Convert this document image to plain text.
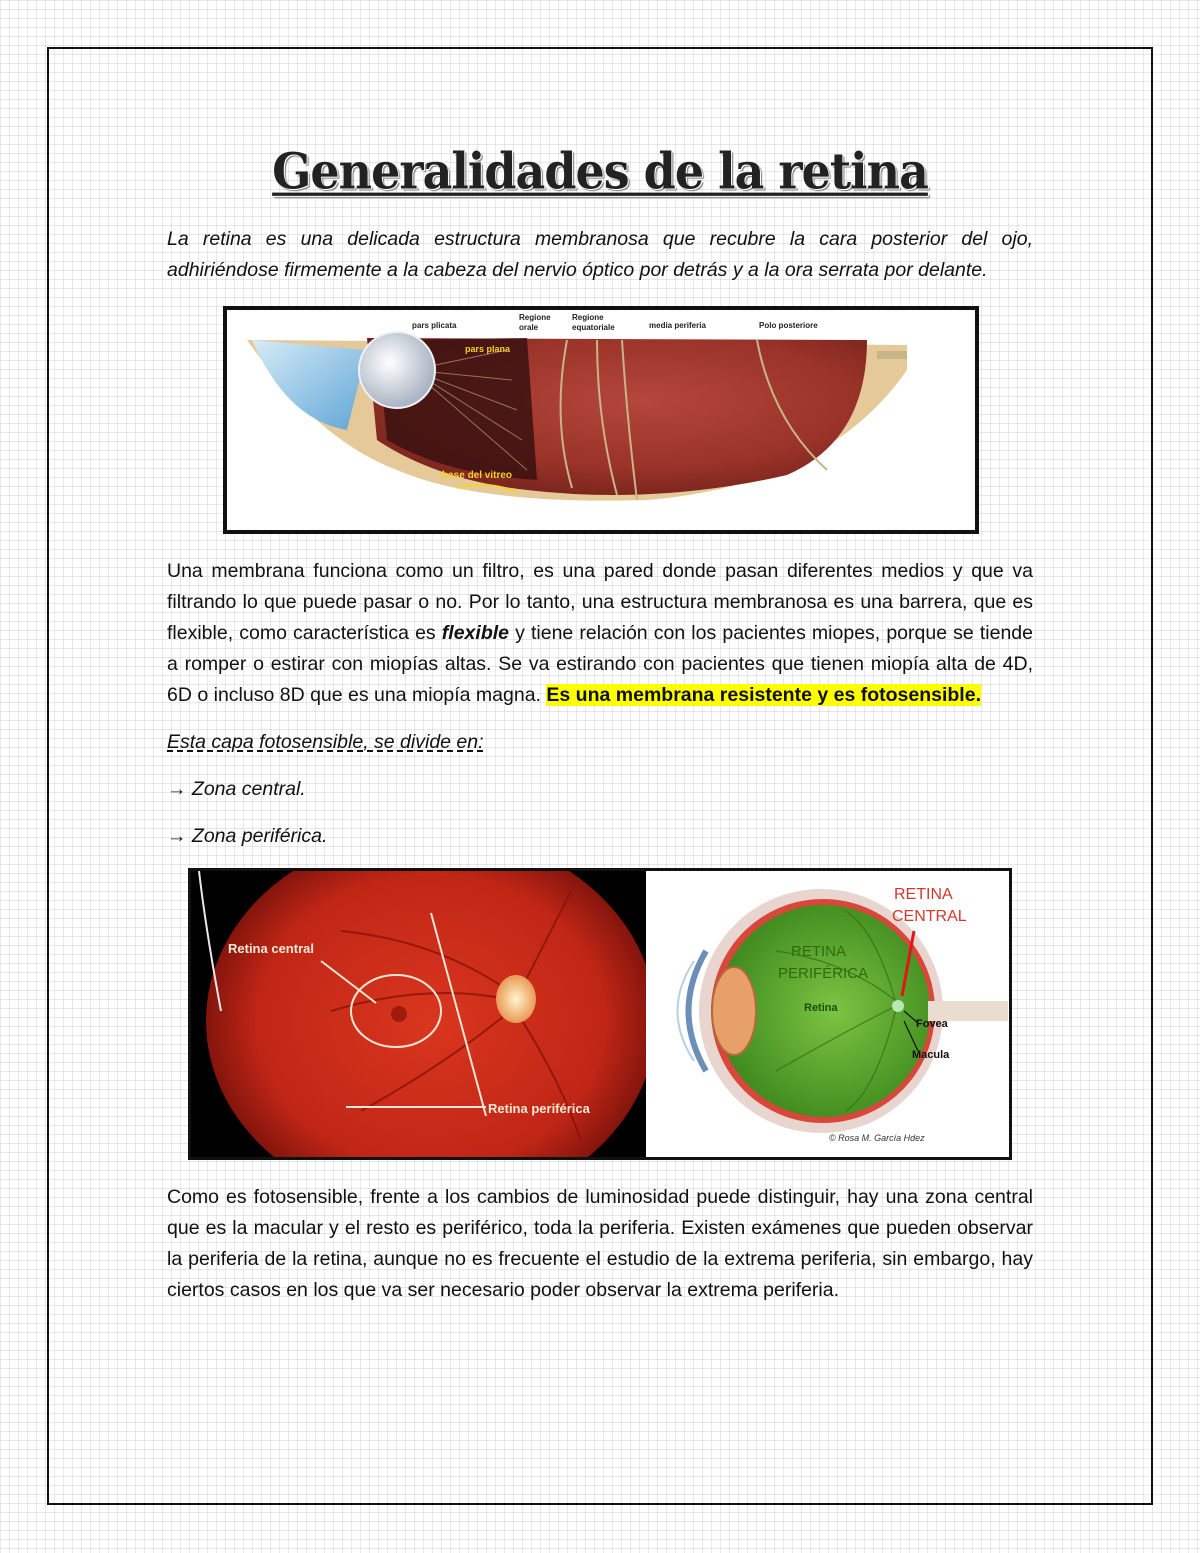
Generalidades de la retina

La retina es una delicada estructura membranosa que recubre la cara posterior del ojo, adhiriéndose firmemente a la cabeza del nervio óptico por detrás y a la ora serrata por delante.

pars plicata
Regione
orale
Regione
equatoriale	media periferia	Polo posteriore
pars plana
base del vitreo

Una membrana funciona como un filtro, es una pared donde pasan diferentes medios y que va filtrando lo que puede pasar o no. Por lo tanto, una estructura membranosa es una barrera, que es flexible, como característica es flexible y tiene relación con los pacientes miopes, porque se tiende a romper o estirar con miopías altas. Se va estirando con pacientes que tienen miopía alta de 4D, 6D o incluso 8D que es una miopía magna. Es una membrana resistente y es fotosensible.

Esta capa fotosensible, se divide en:

→ Zona central.

→ Zona periférica.

Retina central
Retina periférica
RETINA
CENTRAL
RETINA
PERIFÉRICA
Retina
Fovea
Macula
© Rosa M. García Hdez

Como es fotosensible, frente a los cambios de luminosidad puede distinguir, hay una zona central que es la macular y el resto es periférico, toda la periferia. Existen exámenes que pueden observar la periferia de la retina, aunque no es frecuente el estudio de la extrema periferia, sin embargo, hay ciertos casos en los que va ser necesario poder observar la extrema periferia.
